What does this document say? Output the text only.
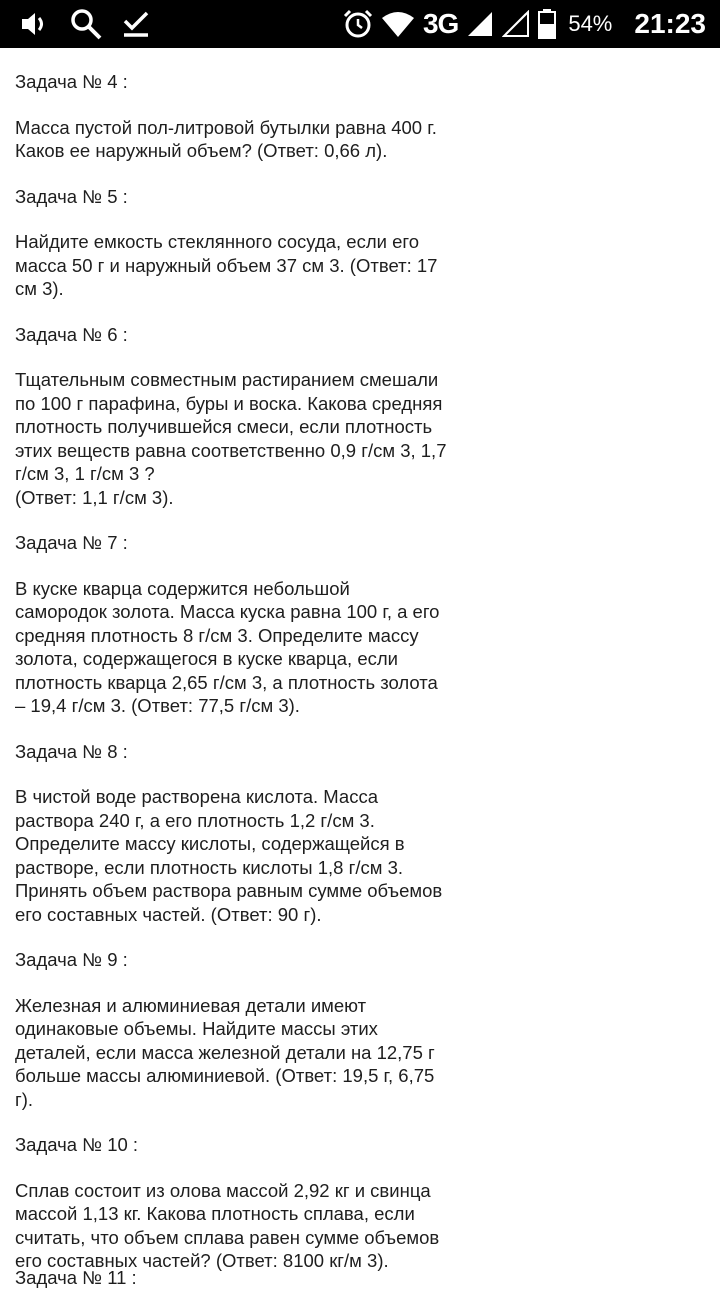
3G	54% 21:23

Задача № 4 :

Масса пустой пол-литровой бутылки равна 400 г.
Каков ее наружный объем? (Ответ: 0,66 л).

Задача № 5 :

Найдите емкость стеклянного сосуда, если его
масса 50 г и наружный объем 37 см 3. (Ответ: 17
см 3).

Задача № 6 :

Тщательным совместным растиранием смешали
по 100 г парафина, буры и воска. Какова средняя
плотность получившейся смеси, если плотность
этих веществ равна соответственно 0,9 г/см 3, 1,7
г/см 3, 1 г/см 3 ?
(Ответ: 1,1 г/см 3).

Задача № 7 :

В куске кварца содержится небольшой
самородок золота. Масса куска равна 100 г, а его
средняя плотность 8 г/см 3. Определите массу
золота, содержащегося в куске кварца, если
плотность кварца 2,65 г/см 3, а плотность золота
– 19,4 г/см 3. (Ответ: 77,5 г/см 3).

Задача № 8 :

В чистой воде растворена кислота. Масса
раствора 240 г, а его плотность 1,2 г/см 3.
Определите массу кислоты, содержащейся в
растворе, если плотность кислоты 1,8 г/см 3.
Принять объем раствора равным сумме объемов
его составных частей. (Ответ: 90 г).

Задача № 9 :

Железная и алюминиевая детали имеют
одинаковые объемы. Найдите массы этих
деталей, если масса железной детали на 12,75 г
больше массы алюминиевой. (Ответ: 19,5 г, 6,75
г).

Задача № 10 :

Сплав состоит из олова массой 2,92 кг и свинца
массой 1,13 кг. Какова плотность сплава, если
считать, что объем сплава равен сумме объемов
его составных частей? (Ответ: 8100 кг/м 3).

Задача № 11 :
